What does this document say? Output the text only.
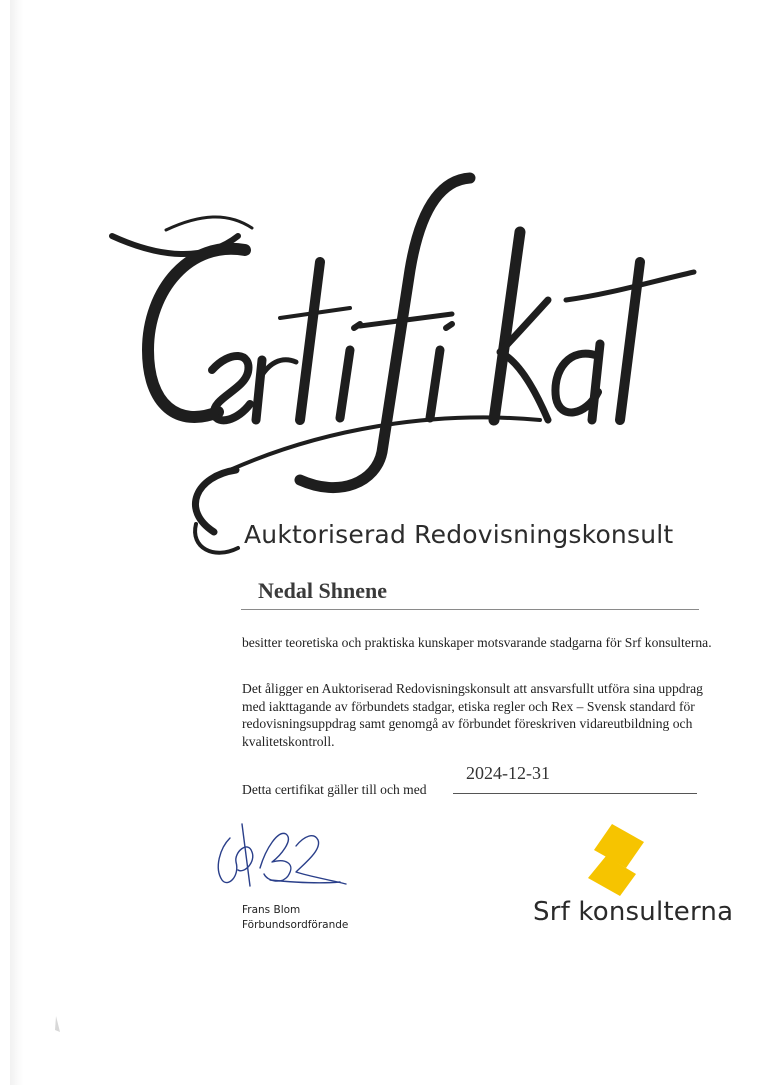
Auktoriserad Redovisningskonsult
Nedal Shnene
besitter teoretiska och praktiska kunskaper motsvarande stadgarna för Srf konsulterna.
Det åligger en Auktoriserad Redovisningskonsult att ansvarsfullt utföra sina uppdrag med iakttagande av förbundets stadgar, etiska regler och Rex – Svensk standard för redovisningsuppdrag samt genomgå av förbundet föreskriven vidareutbildning och kvalitetskontroll.
Detta certifikat gäller till och med
2024-12-31
Frans Blom
Förbundsordförande	Srf konsulterna
